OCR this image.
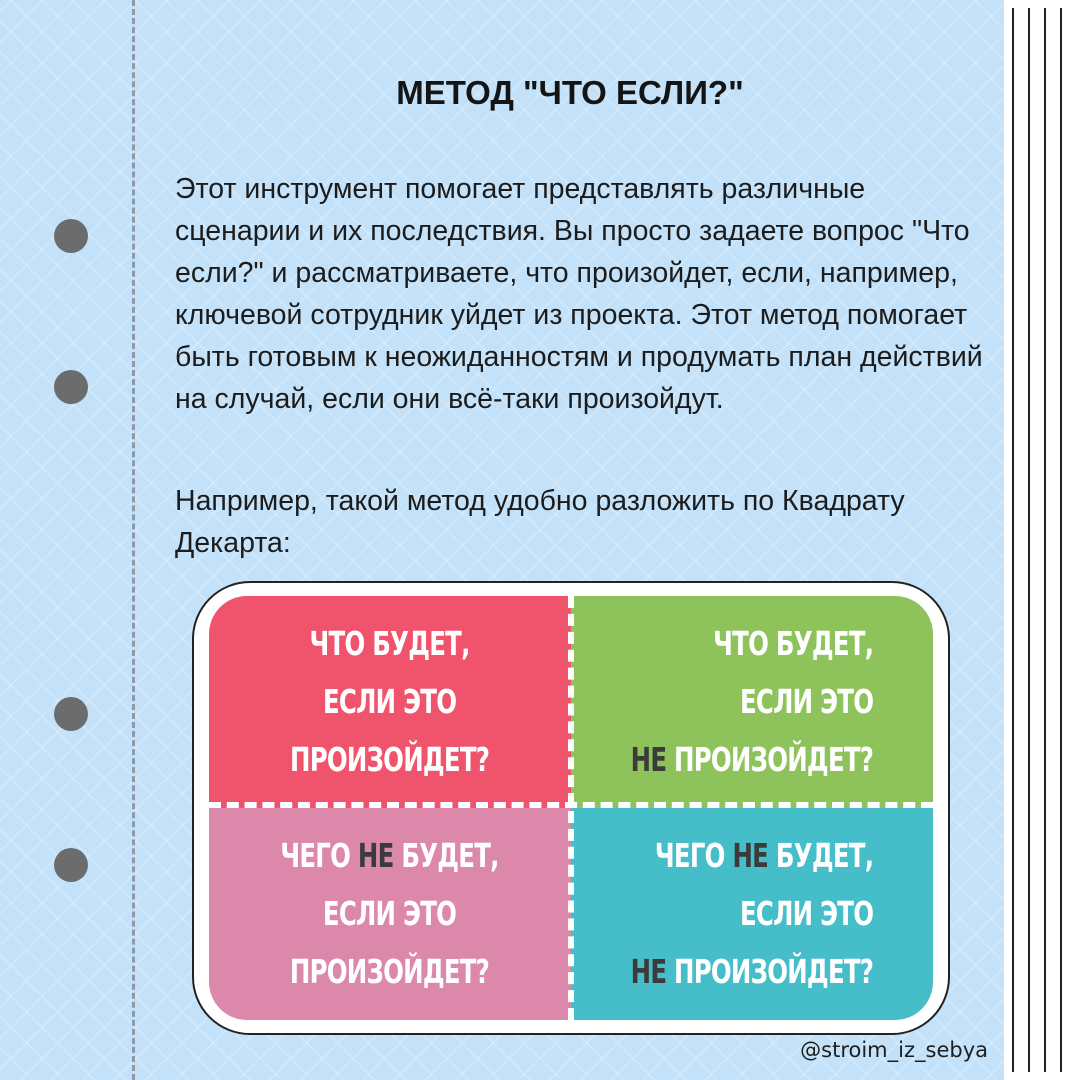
МЕТОД "ЧТО ЕСЛИ?"

Этот инструмент помогает представлять различные сценарии и их последствия. Вы просто задаете вопрос "Что если?" и рассматриваете, что произойдет, если, например, ключевой сотрудник уйдет из проекта. Этот метод помогает быть готовым к неожиданностям и продумать план действий на случай, если они всё-таки произойдут.

Например, такой метод удобно разложить по Квадрату Декарта:

ЧТО БУДЕТ,
ЕСЛИ ЭТО
ПРОИЗОЙДЕТ?
ЧТО БУДЕТ,
ЕСЛИ ЭТО
НЕ ПРОИЗОЙДЕТ?
ЧЕГО НЕ БУДЕТ,
ЕСЛИ ЭТО
ПРОИЗОЙДЕТ?
ЧЕГО НЕ БУДЕТ,
ЕСЛИ ЭТО
НЕ ПРОИЗОЙДЕТ?

@stroim_iz_sebya
